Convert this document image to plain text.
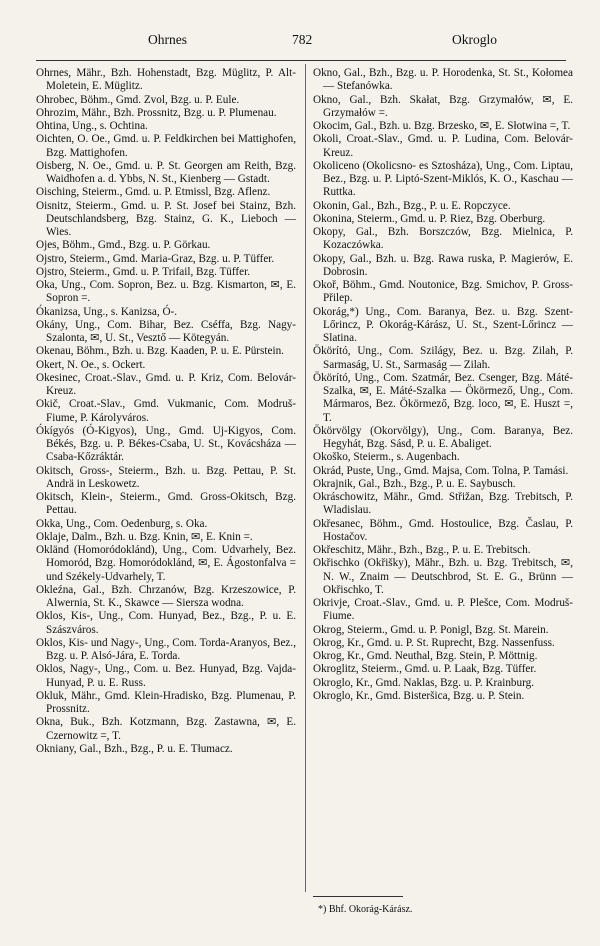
Ohrnes	782	Okroglo

Ohrnes, Mähr., Bzh. Hohenstadt, Bzg. Müglitz, P. Alt-Moletein, E. Müglitz.

Ohrobec, Böhm., Gmd. Zvol, Bzg. u. P. Eule.

Ohrozim, Mähr., Bzh. Prossnitz, Bzg. u. P. Plumenau.

Ohtina, Ung., s. Ochtina.

Oichten, O. Oe., Gmd. u. P. Feldkirchen bei Mattighofen, Bzg. Mattighofen.

Oisberg, N. Oe., Gmd. u. P. St. Georgen am Reith, Bzg. Waidhofen a. d. Ybbs, N. St., Kienberg — Gstadt.

Oisching, Steierm., Gmd. u. P. Etmissl, Bzg. Aflenz.

Oisnitz, Steierm., Gmd. u. P. St. Josef bei Stainz, Bzh. Deutschlandsberg, Bzg. Stainz, G. K., Lieboch — Wies.

Ojes, Böhm., Gmd., Bzg. u. P. Görkau.

Ojstro, Steierm., Gmd. Maria-Graz, Bzg. u. P. Tüffer.

Ojstro, Steierm., Gmd. u. P. Trifail, Bzg. Tüffer.

Oka, Ung., Com. Sopron, Bez. u. Bzg. Kismarton, ✉, E. Sopron =.

Ókanizsa, Ung., s. Kanizsa, Ó-.

Okány, Ung., Com. Bihar, Bez. Cséffa, Bzg. Nagy-Szalonta, ✉, U. St., Vesztő — Kötegyán.

Okenau, Böhm., Bzh. u. Bzg. Kaaden, P. u. E. Pürstein.

Okert, N. Oe., s. Ockert.

Okesinec, Croat.-Slav., Gmd. u. P. Kriz, Com. Belovár-Kreuz.

Okič, Croat.-Slav., Gmd. Vukmanic, Com. Modruš-Fiume, P. Károlyváros.

Ókígyós (Ó-Kigyos), Ung., Gmd. Uj-Kigyos, Com. Békés, Bzg. u. P. Békes-Csaba, U. St., Kovácsháza — Csaba-Kőzráktár.

Okitsch, Gross-, Steierm., Bzh. u. Bzg. Pettau, P. St. Andrä in Leskowetz.

Okitsch, Klein-, Steierm., Gmd. Gross-Okitsch, Bzg. Pettau.

Okka, Ung., Com. Oedenburg, s. Oka.

Oklaje, Dalm., Bzh. u. Bzg. Knin, ✉, E. Knin =.

Okländ (Homoródoklánd), Ung., Com. Udvarhely, Bez. Homoród, Bzg. Homoródoklánd, ✉, E. Ágostonfalva = und Székely-Udvarhely, T.

Okleźna, Gal., Bzh. Chrzanów, Bzg. Krzeszowice, P. Alwernia, St. K., Skawce — Siersza wodna.

Oklos, Kis-, Ung., Com. Hunyad, Bez., Bzg., P. u. E. Szászváros.

Oklos, Kis- und Nagy-, Ung., Com. Torda-Aranyos, Bez., Bzg. u. P. Alsó-Jára, E. Torda.

Oklos, Nagy-, Ung., Com. u. Bez. Hunyad, Bzg. Vajda-Hunyad, P. u. E. Russ.

Okluk, Mähr., Gmd. Klein-Hradisko, Bzg. Plumenau, P. Prossnitz.

Okna, Buk., Bzh. Kotzmann, Bzg. Zastawna, ✉, E. Czernowitz =, T.

Okniany, Gal., Bzh., Bzg., P. u. E. Tłumacz.

Okno, Gal., Bzh., Bzg. u. P. Horodenka, St. St., Kołomea — Stefanówka.

Okno, Gal., Bzh. Skałat, Bzg. Grzymałów, ✉, E. Grzymałów =.

Okocim, Gal., Bzh. u. Bzg. Brzesko, ✉, E. Słotwina =, T.

Okoli, Croat.-Slav., Gmd. u. P. Ludina, Com. Belovár-Kreuz.

Okoliceno (Okolicsno- es Sztosháza), Ung., Com. Liptau, Bez., Bzg. u. P. Liptó-Szent-Miklós, K. O., Kaschau — Ruttka.

Okonin, Gal., Bzh., Bzg., P. u. E. Ropczyce.

Okonina, Steierm., Gmd. u. P. Riez, Bzg. Oberburg.

Okopy, Gal., Bzh. Borszczów, Bzg. Mielnica, P. Kozaczówka.

Okopy, Gal., Bzh. u. Bzg. Rawa ruska, P. Magierów, E. Dobrosin.

Okoř, Böhm., Gmd. Noutonice, Bzg. Smichov, P. Gross-Přilep.

Okorág,*) Ung., Com. Baranya, Bez. u. Bzg. Szent-Lőrincz, P. Okorág-Kárász, U. St., Szent-Lőrincz — Slatina.

Ökörító, Ung., Com. Szilágy, Bez. u. Bzg. Zilah, P. Sarmaság, U. St., Sarmaság — Zilah.

Ökörító, Ung., Com. Szatmár, Bez. Csenger, Bzg. Máté-Szalka, ✉, E. Máté-Szalka — Ökörmező, Ung., Com. Mármaros, Bez. Ökörmező, Bzg. loco, ✉, E. Huszt =, T.

Ökörvölgy (Okorvölgy), Ung., Com. Baranya, Bez. Hegyhát, Bzg. Sásd, P. u. E. Abaliget.

Okoško, Steierm., s. Augenbach.

Okrád, Puste, Ung., Gmd. Majsa, Com. Tolna, P. Tamási.

Okrajnik, Gal., Bzh., Bzg., P. u. E. Saybusch.

Okráschowitz, Mähr., Gmd. Střižan, Bzg. Trebitsch, P. Wladislau.

Okřesanec, Böhm., Gmd. Hostoulice, Bzg. Časlau, P. Hostačov.

Okřeschitz, Mähr., Bzh., Bzg., P. u. E. Trebitsch.

Okřischko (Okřišky), Mähr., Bzh. u. Bzg. Trebitsch, ✉, N. W., Znaim — Deutschbrod, St. E. G., Brünn — Okřischko, T.

Okrivje, Croat.-Slav., Gmd. u. P. Plešce, Com. Modruš-Fiume.

Okrog, Steierm., Gmd. u. P. Ponigl, Bzg. St. Marein.

Okrog, Kr., Gmd. u. P. St. Ruprecht, Bzg. Nassenfuss.

Okrog, Kr., Gmd. Neuthal, Bzg. Stein, P. Möttnig.

Okroglitz, Steierm., Gmd. u. P. Laak, Bzg. Tüffer.

Okroglo, Kr., Gmd. Naklas, Bzg. u. P. Krainburg.

Okroglo, Kr., Gmd. Bisteršica, Bzg. u. P. Stein.

*) Bhf. Okorág-Kárász.
